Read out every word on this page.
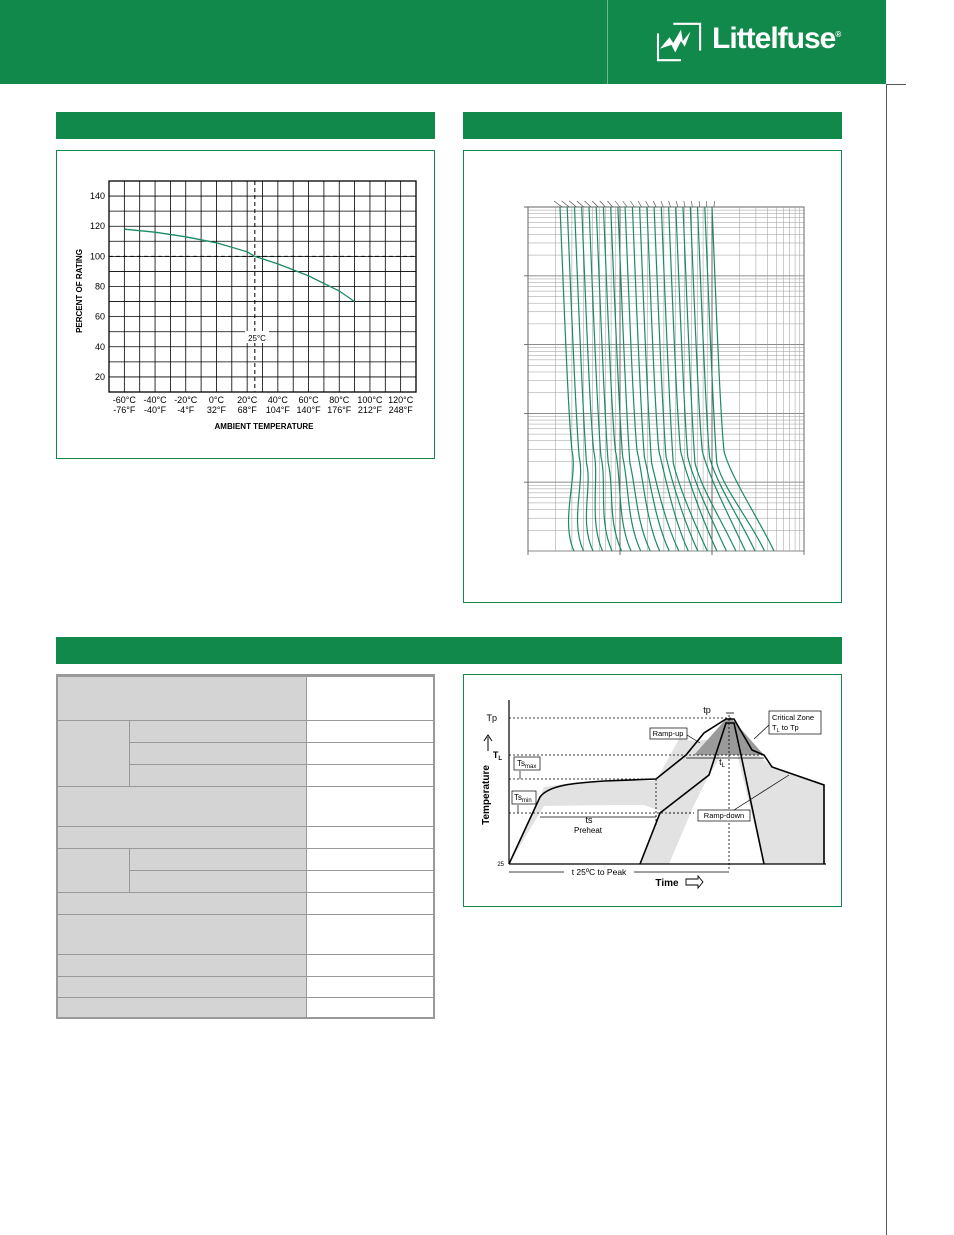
Littelfuse®
140
120
100
80
60
40
20
-60°C -40°C -20°C 0°C 20°C 40°C 60°C 80°C 100°C 120°C
-76°F -40°F -4°F 32°F 68°F 104°F 140°F 176°F 212°F 248°F
25°C
PERCENT OF RATING
AMBIENT TEMPERATURE
ts
Preheat
t 25ºC to Peak
tp
$t_L$
Tp
$T_L$
25
Temperature
Time
$Ts_{max}$
$Ts_{min}$
Ramp-up
Ramp-down
Critical Zone
$T_L$ to Tp
